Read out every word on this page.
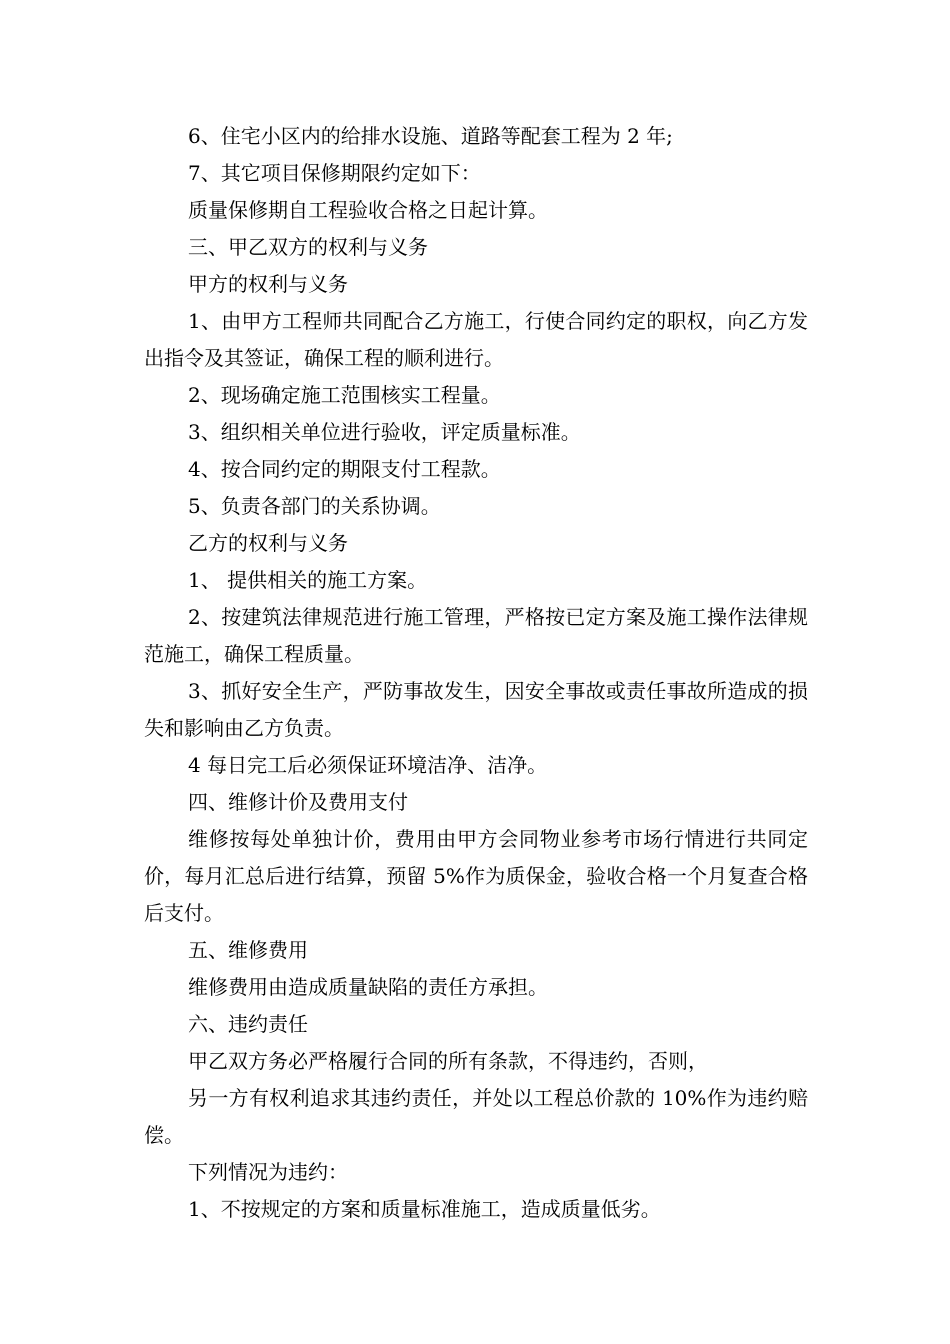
6、住宅小区内的给排水设施、道路等配套工程为 2 年;

7、其它项目保修期限约定如下：

质量保修期自工程验收合格之日起计算。

三、甲乙双方的权利与义务

甲方的权利与义务

1、由甲方工程师共同配合乙方施工，行使合同约定的职权，向乙方发出指令及其签证，确保工程的顺利进行。

2、现场确定施工范围核实工程量。

3、组织相关单位进行验收，评定质量标准。

4、按合同约定的期限支付工程款。

5、负责各部门的关系协调。

乙方的权利与义务

1、 提供相关的施工方案。

2、按建筑法律规范进行施工管理，严格按已定方案及施工操作法律规范施工，确保工程质量。

3、抓好安全生产，严防事故发生，因安全事故或责任事故所造成的损失和影响由乙方负责。

4 每日完工后必须保证环境洁净、洁净。

四、维修计价及费用支付

维修按每处单独计价，费用由甲方会同物业参考市场行情进行共同定价，每月汇总后进行结算，预留 5%作为质保金，验收合格一个月复查合格后支付。

五、维修费用

维修费用由造成质量缺陷的责任方承担。

六、违约责任

甲乙双方务必严格履行合同的所有条款，不得违约，否则，

另一方有权利追求其违约责任，并处以工程总价款的 10%作为违约赔偿。

下列情况为违约：

1、不按规定的方案和质量标准施工，造成质量低劣。
